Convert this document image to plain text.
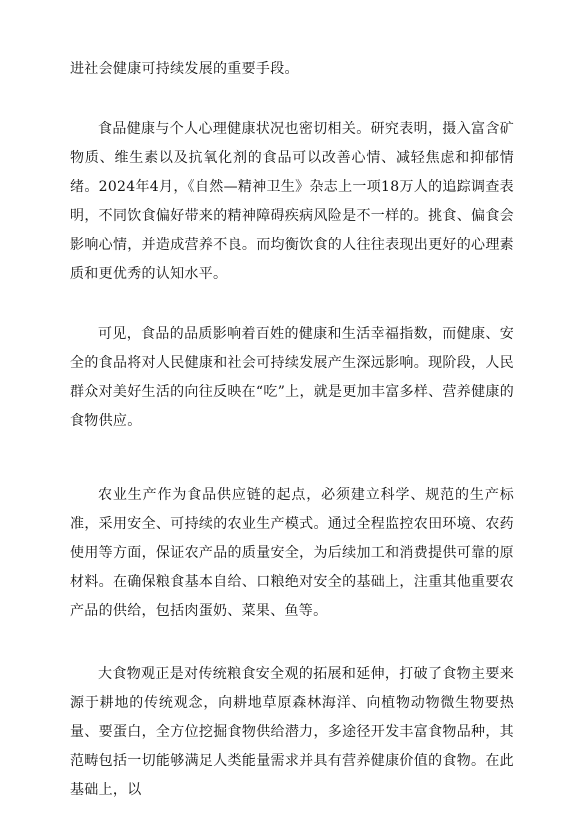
进社会健康可持续发展的重要手段。

食品健康与个人心理健康状况也密切相关。研究表明，摄入富含矿物质、维生素以及抗氧化剂的食品可以改善心情、减轻焦虑和抑郁情绪。2024年4月，《自然—精神卫生》杂志上一项18万人的追踪调查表明，不同饮食偏好带来的精神障碍疾病风险是不一样的。挑食、偏食会影响心情，并造成营养不良。而均衡饮食的人往往表现出更好的心理素质和更优秀的认知水平。

可见，食品的品质影响着百姓的健康和生活幸福指数，而健康、安全的食品将对人民健康和社会可持续发展产生深远影响。现阶段，人民群众对美好生活的向往反映在“吃”上，就是更加丰富多样、营养健康的食物供应。

农业生产作为食品供应链的起点，必须建立科学、规范的生产标准，采用安全、可持续的农业生产模式。通过全程监控农田环境、农药使用等方面，保证农产品的质量安全，为后续加工和消费提供可靠的原材料。在确保粮食基本自给、口粮绝对安全的基础上，注重其他重要农产品的供给，包括肉蛋奶、菜果、鱼等。

大食物观正是对传统粮食安全观的拓展和延伸，打破了食物主要来源于耕地的传统观念，向耕地草原森林海洋、向植物动物微生物要热量、要蛋白，全方位挖掘食物供给潜力，多途径开发丰富食物品种，其范畴包括一切能够满足人类能量需求并具有营养健康价值的食物。在此基础上，以
